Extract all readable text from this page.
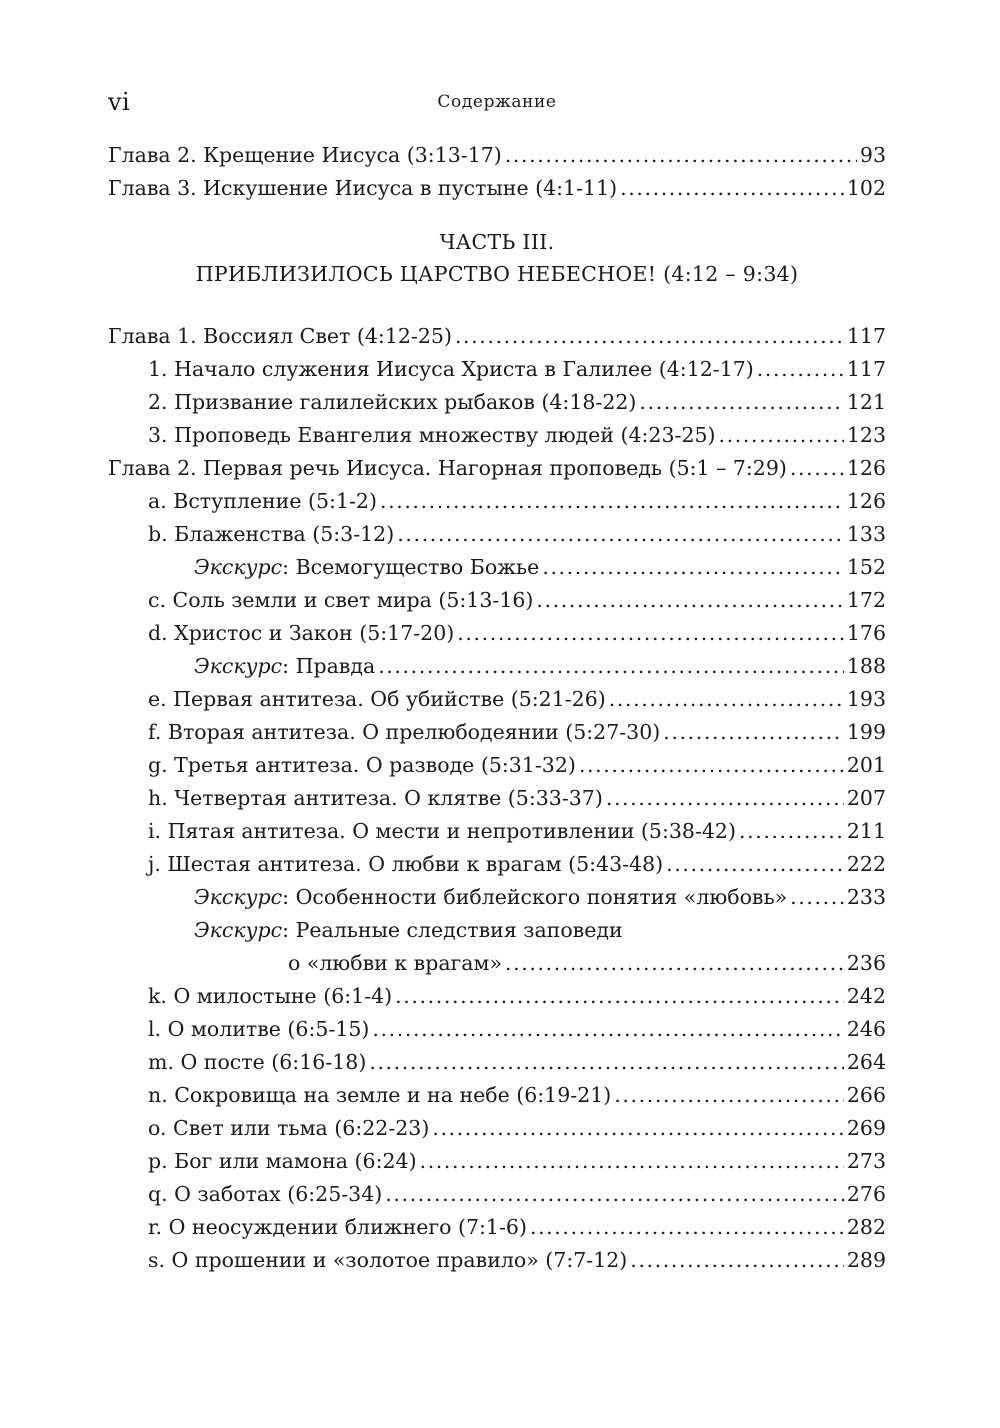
vi	Содержание
Глава 2. Крещение Иисуса (3:13-17) .....	93
Глава 3. Искушение Иисуса в пустыне (4:1-11) .....	102
ЧАСТЬ III.
ПРИБЛИЗИЛОСЬ ЦАРСТВО НЕБЕСНОЕ! (4:12 – 9:34)
Глава 1. Воссиял Свет (4:12-25) .....	117
1. Начало служения Иисуса Христа в Галилее (4:12-17) .....	117
2. Призвание галилейских рыбаков (4:18-22) .....	121
3. Проповедь Евангелия множеству людей (4:23-25) .....	123
Глава 2. Первая речь Иисуса. Нагорная проповедь (5:1 – 7:29) .....	126
a. Вступление (5:1-2) .....	126
b. Блаженства (5:3-12) .....	133
Экскурс: Всемогущество Божье .....	152
c. Соль земли и свет мира (5:13-16) .....	172
d. Христос и Закон (5:17-20) .....	176
Экскурс: Правда .....	188
e. Первая антитеза. Об убийстве (5:21-26) .....	193
f. Вторая антитеза. О прелюбодеянии (5:27-30) .....	199
g. Третья антитеза. О разводе (5:31-32) .....	201
h. Четвертая антитеза. О клятве (5:33-37) .....	207
i. Пятая антитеза. О мести и непротивлении (5:38-42) .....	211
j. Шестая антитеза. О любви к врагам (5:43-48) .....	222
Экскурс: Особенности библейского понятия «любовь» .....	233
Экскурс: Реальные следствия заповеди
о «любви к врагам» .....	236
k. О милостыне (6:1-4) .....	242
l. О молитве (6:5-15) .....	246
m. О посте (6:16-18) .....	264
n. Сокровища на земле и на небе (6:19-21) .....	266
o. Свет или тьма (6:22-23) .....	269
p. Бог или мамона (6:24) .....	273
q. О заботах (6:25-34) .....	276
r. О неосуждении ближнего (7:1-6) .....	282
s. О прошении и «золотое правило» (7:7-12) .....	289
